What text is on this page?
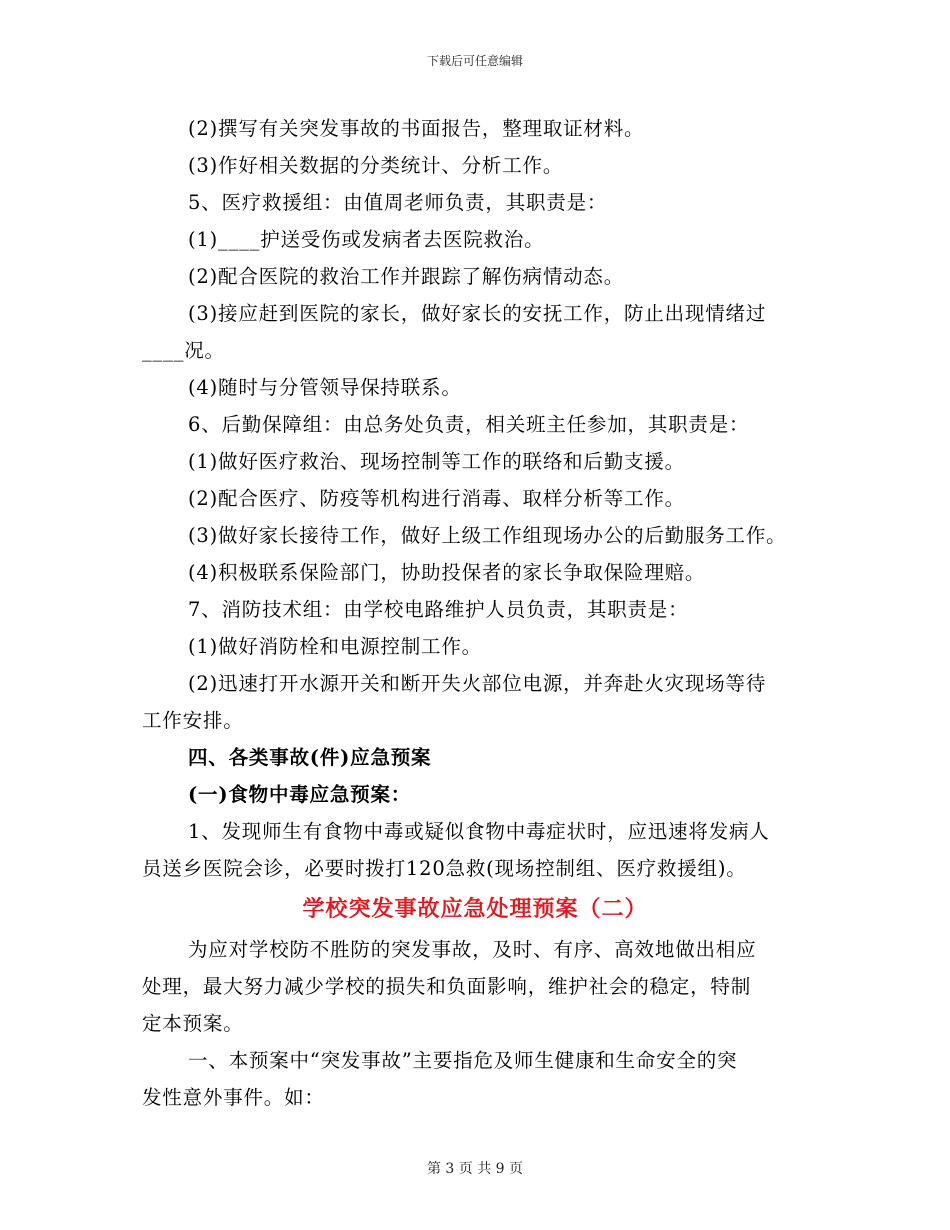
下载后可任意编辑
(2)撰写有关突发事故的书面报告，整理取证材料。
(3)作好相关数据的分类统计、分析工作。
5、医疗救援组：由值周老师负责，其职责是：
(1)____护送受伤或发病者去医院救治。
(2)配合医院的救治工作并跟踪了解伤病情动态。
(3)接应赶到医院的家长，做好家长的安抚工作，防止出现情绪过
____况。
(4)随时与分管领导保持联系。
6、后勤保障组：由总务处负责，相关班主任参加，其职责是：
(1)做好医疗救治、现场控制等工作的联络和后勤支援。
(2)配合医疗、防疫等机构进行消毒、取样分析等工作。
(3)做好家长接待工作，做好上级工作组现场办公的后勤服务工作。
(4)积极联系保险部门，协助投保者的家长争取保险理赔。
7、消防技术组：由学校电路维护人员负责，其职责是：
(1)做好消防栓和电源控制工作。
(2)迅速打开水源开关和断开失火部位电源，并奔赴火灾现场等待
工作安排。
四、各类事故(件)应急预案
(一)食物中毒应急预案：
1、发现师生有食物中毒或疑似食物中毒症状时，应迅速将发病人
员送乡医院会诊，必要时拨打120急救(现场控制组、医疗救援组)。
学校突发事故应急处理预案（二）
为应对学校防不胜防的突发事故，及时、有序、高效地做出相应
处理，最大努力减少学校的损失和负面影响，维护社会的稳定，特制
定本预案。
一、本预案中“突发事故”主要指危及师生健康和生命安全的突
发性意外事件。如：
第 3 页 共 9 页
